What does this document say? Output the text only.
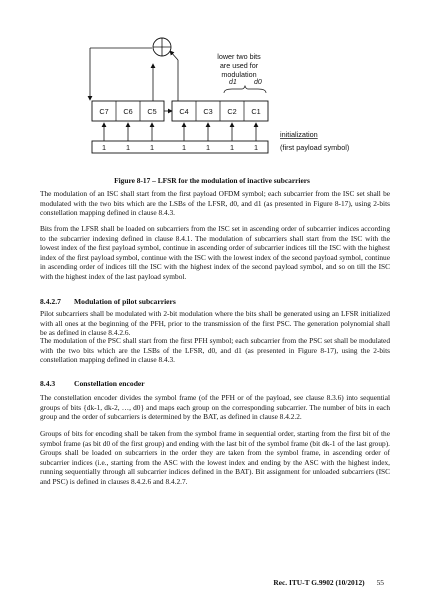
C7 C6 C5	C4 C3 C2 C1
d1 d0
lower two bits
are used for
modulation
1	1	1	1	1	1	1
initialization
(first payload symbol)
Figure 8-17 – LFSR for the modulation of inactive subcarriers

The modulation of an ISC shall start from the first payload OFDM symbol; each subcarrier from the ISC set shall be modulated with the two bits which are the LSBs of the LFSR, d0, and d1 (as presented in Figure 8-17), using 2-bits constellation mapping defined in clause 8.4.3.

Bits from the LFSR shall be loaded on subcarriers from the ISC set in ascending order of subcarrier indices according to the subcarrier indexing defined in clause 8.4.1. The modulation of subcarriers shall start from the ISC with the lowest index of the first payload symbol, continue in ascending order of subcarrier indices till the ISC with the highest index of the first payload symbol, continue with the ISC with the lowest index of the second payload symbol, continue in ascending order of indices till the ISC with the highest index of the second payload symbol, and so on till the ISC with the highest index of the last payload symbol.

8.4.2.7 Modulation of pilot subcarriers

Pilot subcarriers shall be modulated with 2-bit modulation where the bits shall be generated using an LFSR initialized with all ones at the beginning of the PFH, prior to the transmission of the first PSC. The generation polynomial shall be as defined in clause 8.4.2.6.

The modulation of the PSC shall start from the first PFH symbol; each subcarrier from the PSC set shall be modulated with the two bits which are the LSBs of the LFSR, d0, and d1 (as presented in Figure 8-17), using the 2-bits constellation mapping defined in clause 8.4.3.

8.4.3 Constellation encoder

The constellation encoder divides the symbol frame (of the PFH or of the payload, see clause 8.3.6) into sequential groups of bits {dk-1, dk-2, …, d0} and maps each group on the corresponding subcarrier. The number of bits in each group and the order of subcarriers is determined by the BAT, as defined in clause 8.4.2.2.

Groups of bits for encoding shall be taken from the symbol frame in sequential order, starting from the first bit of the symbol frame (as bit d0 of the first group) and ending with the last bit of the symbol frame (bit dk-1 of the last group). Groups shall be loaded on subcarriers in the order they are taken from the symbol frame, in ascending order of subcarrier indices (i.e., starting from the ASC with the lowest index and ending by the ASC with the highest index, running sequentially through all subcarrier indices defined in the BAT). Bit assignment for unloaded subcarriers (ISC and PSC) is defined in clauses 8.4.2.6 and 8.4.2.7.

Rec. ITU-T G.9902 (10/2012) 55
